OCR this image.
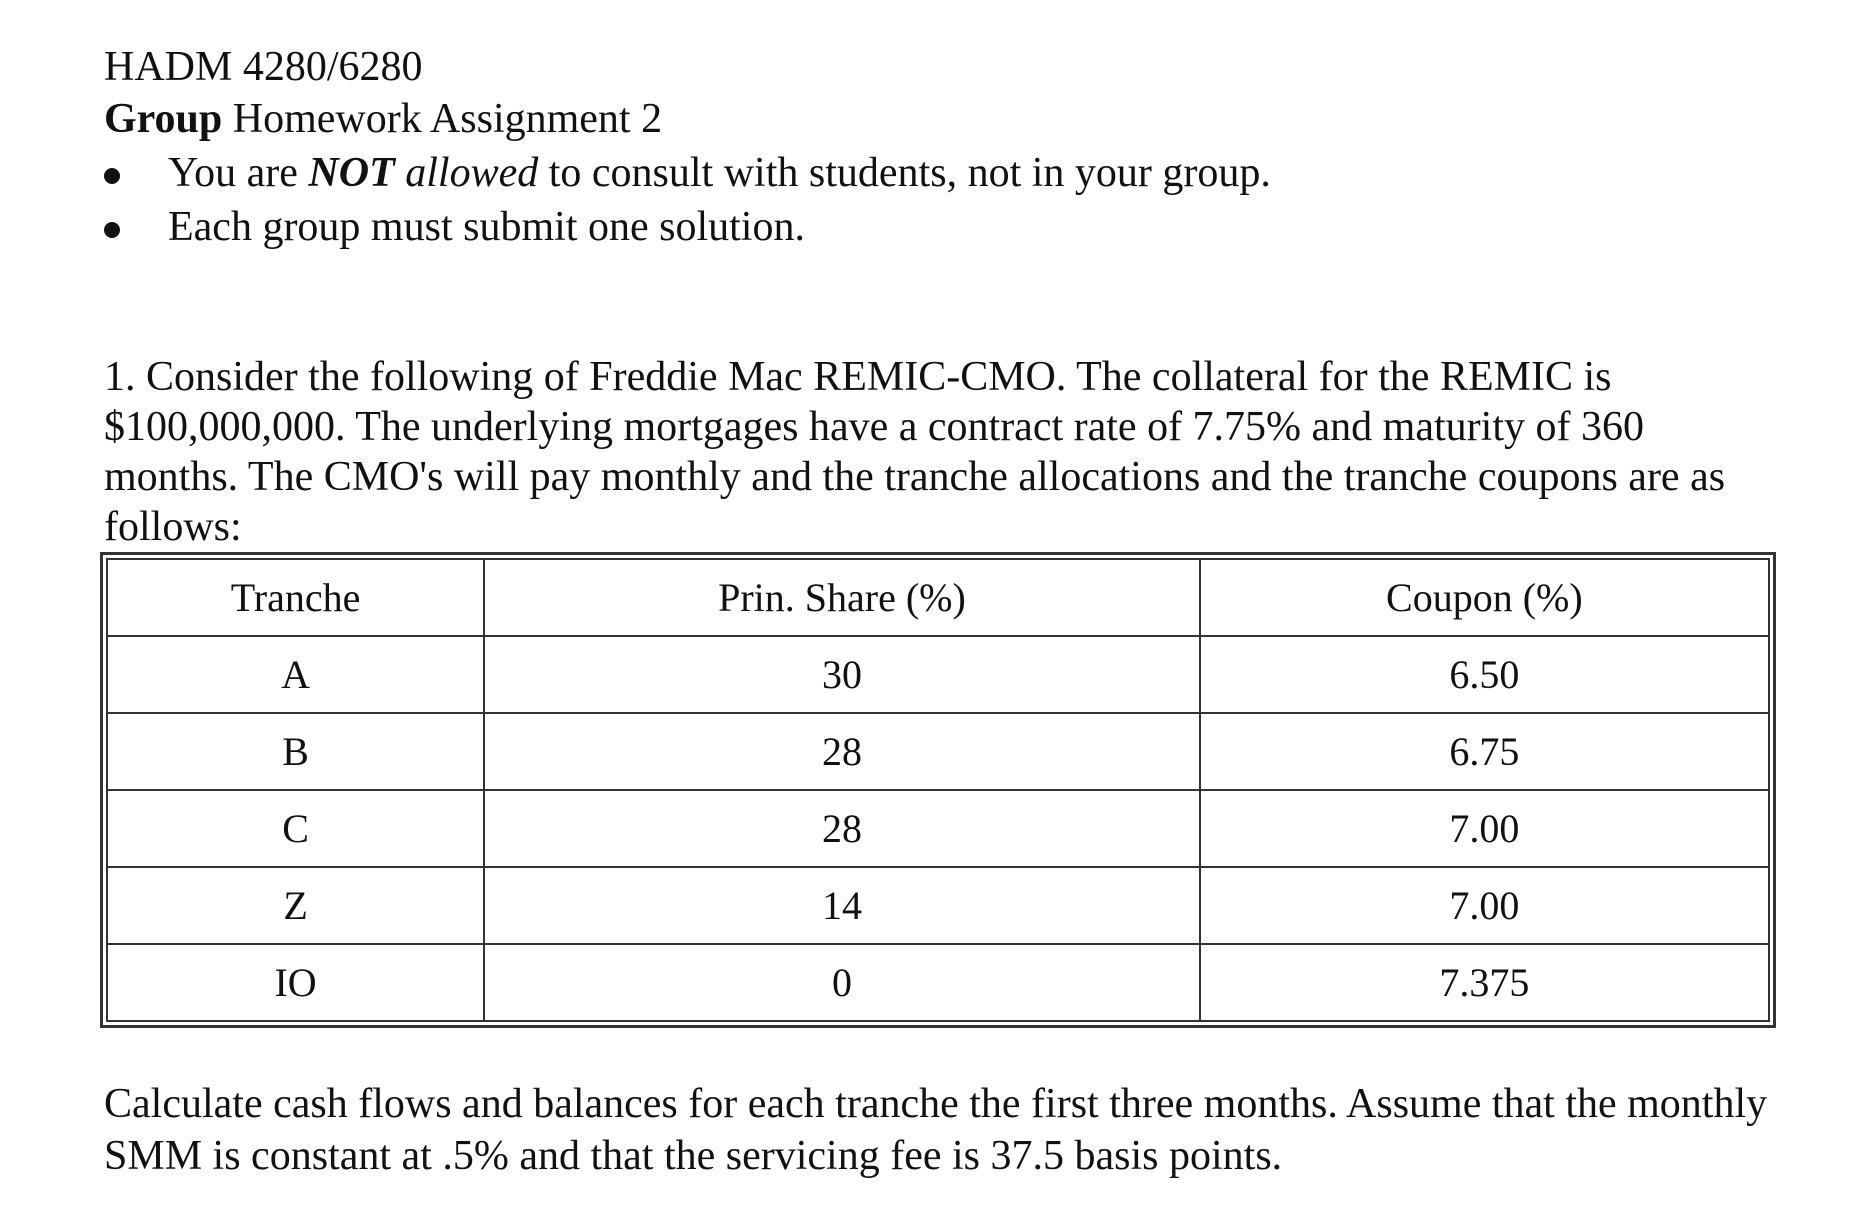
HADM 4280/6280
Group Homework Assignment 2
You are NOT allowed to consult with students, not in your group.
Each group must submit one solution.

1. Consider the following of Freddie Mac REMIC-CMO. The collateral for the REMIC is

$100,000,000. The underlying mortgages have a contract rate of 7.75% and maturity of 360

months. The CMO's will pay monthly and the tranche allocations and the tranche coupons are as

follows:

Tranche	Prin. Share (%)	Coupon (%)
A	30	6.50
B	28	6.75
C	28	7.00
Z	14	7.00
IO	0	7.375

Calculate cash flows and balances for each tranche the first three months. Assume that the monthly

SMM is constant at .5% and that the servicing fee is 37.5 basis points.
